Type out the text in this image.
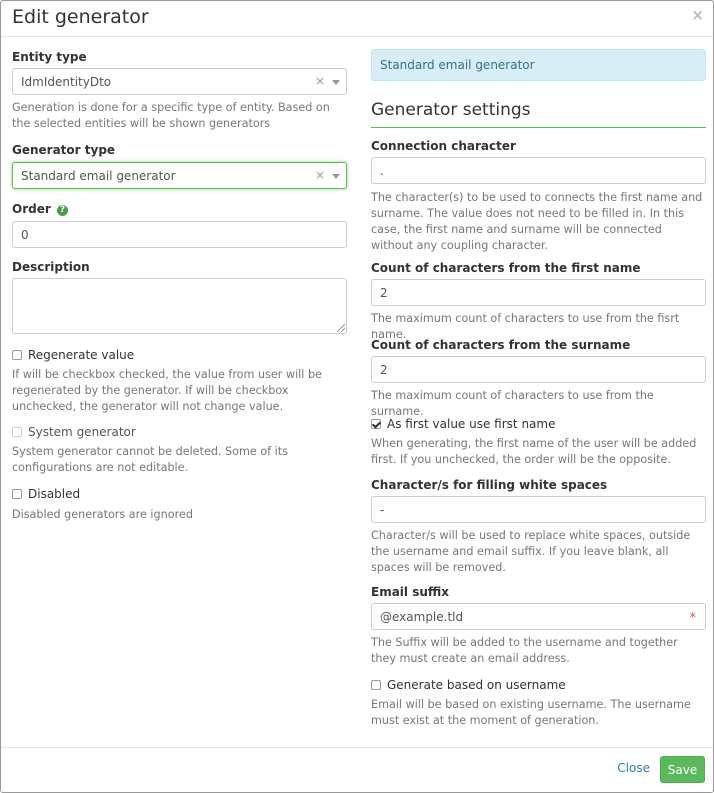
Edit generator	×
Entity type
IdmIdentityDto	×
Generation is done for a specific type of entity. Based on the selected entities will be shown generators
Generator type
Standard email generator	×
Order ?
0
Description
Regenerate value
If will be checkbox checked, the value from user will be regenerated by the generator. If will be checkbox unchecked, the generator will not change value.
System generator
System generator cannot be deleted. Some of its configurations are not editable.
Disabled
Disabled generators are ignored
Standard email generator
Generator settings
Connection character
.
The character(s) to be used to connects the first name and surname. The value does not need to be filled in. In this case, the first name and surname will be connected without any coupling character.
Count of characters from the first name
2
The maximum count of characters to use from the fisrt name.
Count of characters from the surname
2
The maximum count of characters to use from the surname.
As first value use first name
When generating, the first name of the user will be added first. If you unchecked, the order will be the opposite.
Character/s for filling white spaces
-
Character/s will be used to replace white spaces, outside the username and email suffix. If you leave blank, all spaces will be removed.
Email suffix
@example.tld	*
The Suffix will be added to the username and together they must create an email address.
Generate based on username
Email will be based on existing username. The username must exist at the moment of generation.
Close	Save
